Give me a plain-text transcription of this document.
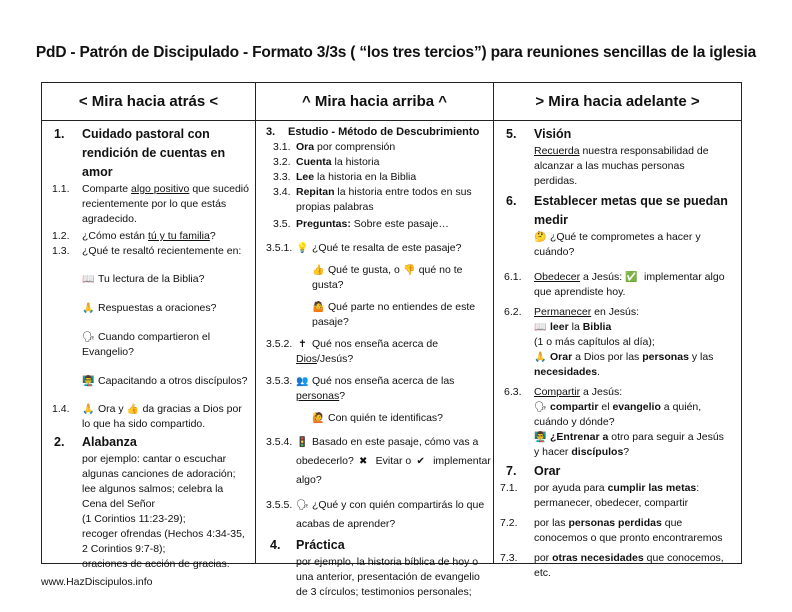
PdD - Patrón de Discipulado - Formato 3/3s ( “los tres tercios”) para reuniones sencillas de la iglesia
< Mira hacia atrás <	^ Mira hacia arriba ^	> Mira hacia adelante >
1. Cuidado pastoral con rendición de cuentas en amor
1.1. Comparte algo positivo que sucedió recientemente por lo que estás agradecido.
1.2. ¿Cómo están tú y tu familia?
1.3. ¿Qué te resaltó recientemente en:
📖 Tu lectura de la Biblia?
🙏 Respuestas a oraciones?
🗣 Cuando compartieron el Evangelio?
👨‍🏫 Capacitando a otros discípulos?
1.4. 🙏 Ora y 👍 da gracias a Dios por lo que ha sido compartido.
2. Alabanza
por ejemplo: cantar o escuchar algunas canciones de adoración; lee algunos salmos; celebra la Cena del Señor
(1 Corintios 11:23-29);
recoger ofrendas (Hechos 4:34-35,
2 Corintios 9:7-8);
oraciones de acción de gracias.
3. Estudio - Método de Descubrimiento
3.1. Ora por comprensión
3.2. Cuenta la historia
3.3. Lee la historia en la Biblia
3.4. Repitan la historia entre todos en sus propias palabras
3.5. Preguntas: Sobre este pasaje…
3.5.1. 💡 ¿Qué te resalta de este pasaje?
👍 Qué te gusta, o 👎 qué no te gusta?
🤷 Qué parte no entiendes de este pasaje?
3.5.2. ✝ Qué nos enseña acerca de Dios/Jesús?
3.5.3. 👥 Qué nos enseña acerca de las personas?
🙋 Con quién te identificas?
3.5.4. 🚦 Basado en este pasaje, cómo vas a
obedecerlo? ✖ Evitar o ✔ implementar
algo?
3.5.5. 🗣 ¿Qué y con quién compartirás lo que
acabas de aprender?
4. Práctica
por ejemplo, la historia bíblica de hoy o una anterior, presentación de evangelio de 3 círculos; testimonios personales;
5. Visión
Recuerda nuestra responsabilidad de alcanzar a las muchas personas perdidas.
6. Establecer metas que se puedan medir
🤔 ¿Qué te comprometes a hacer y cuándo?
6.1. Obedecer a Jesús: ✅ implementar algo que aprendiste hoy.
6.2. Permanecer en Jesús:
📖 leer la Biblia
(1 o más capítulos al día);
🙏 Orar a Dios por las personas y las necesidades.
6.3. Compartir a Jesús:
🗣 compartir el evangelio a quién, cuándo y dónde?
👨‍🏫 ¿Entrenar a otro para seguir a Jesús y hacer discípulos?
7. Orar
7.1. por ayuda para cumplir las metas: permanecer, obedecer, compartir
7.2. por las personas perdidas que conocemos o que pronto encontraremos
7.3. por otras necesidades que conocemos, etc.
www.HazDiscipulos.info
